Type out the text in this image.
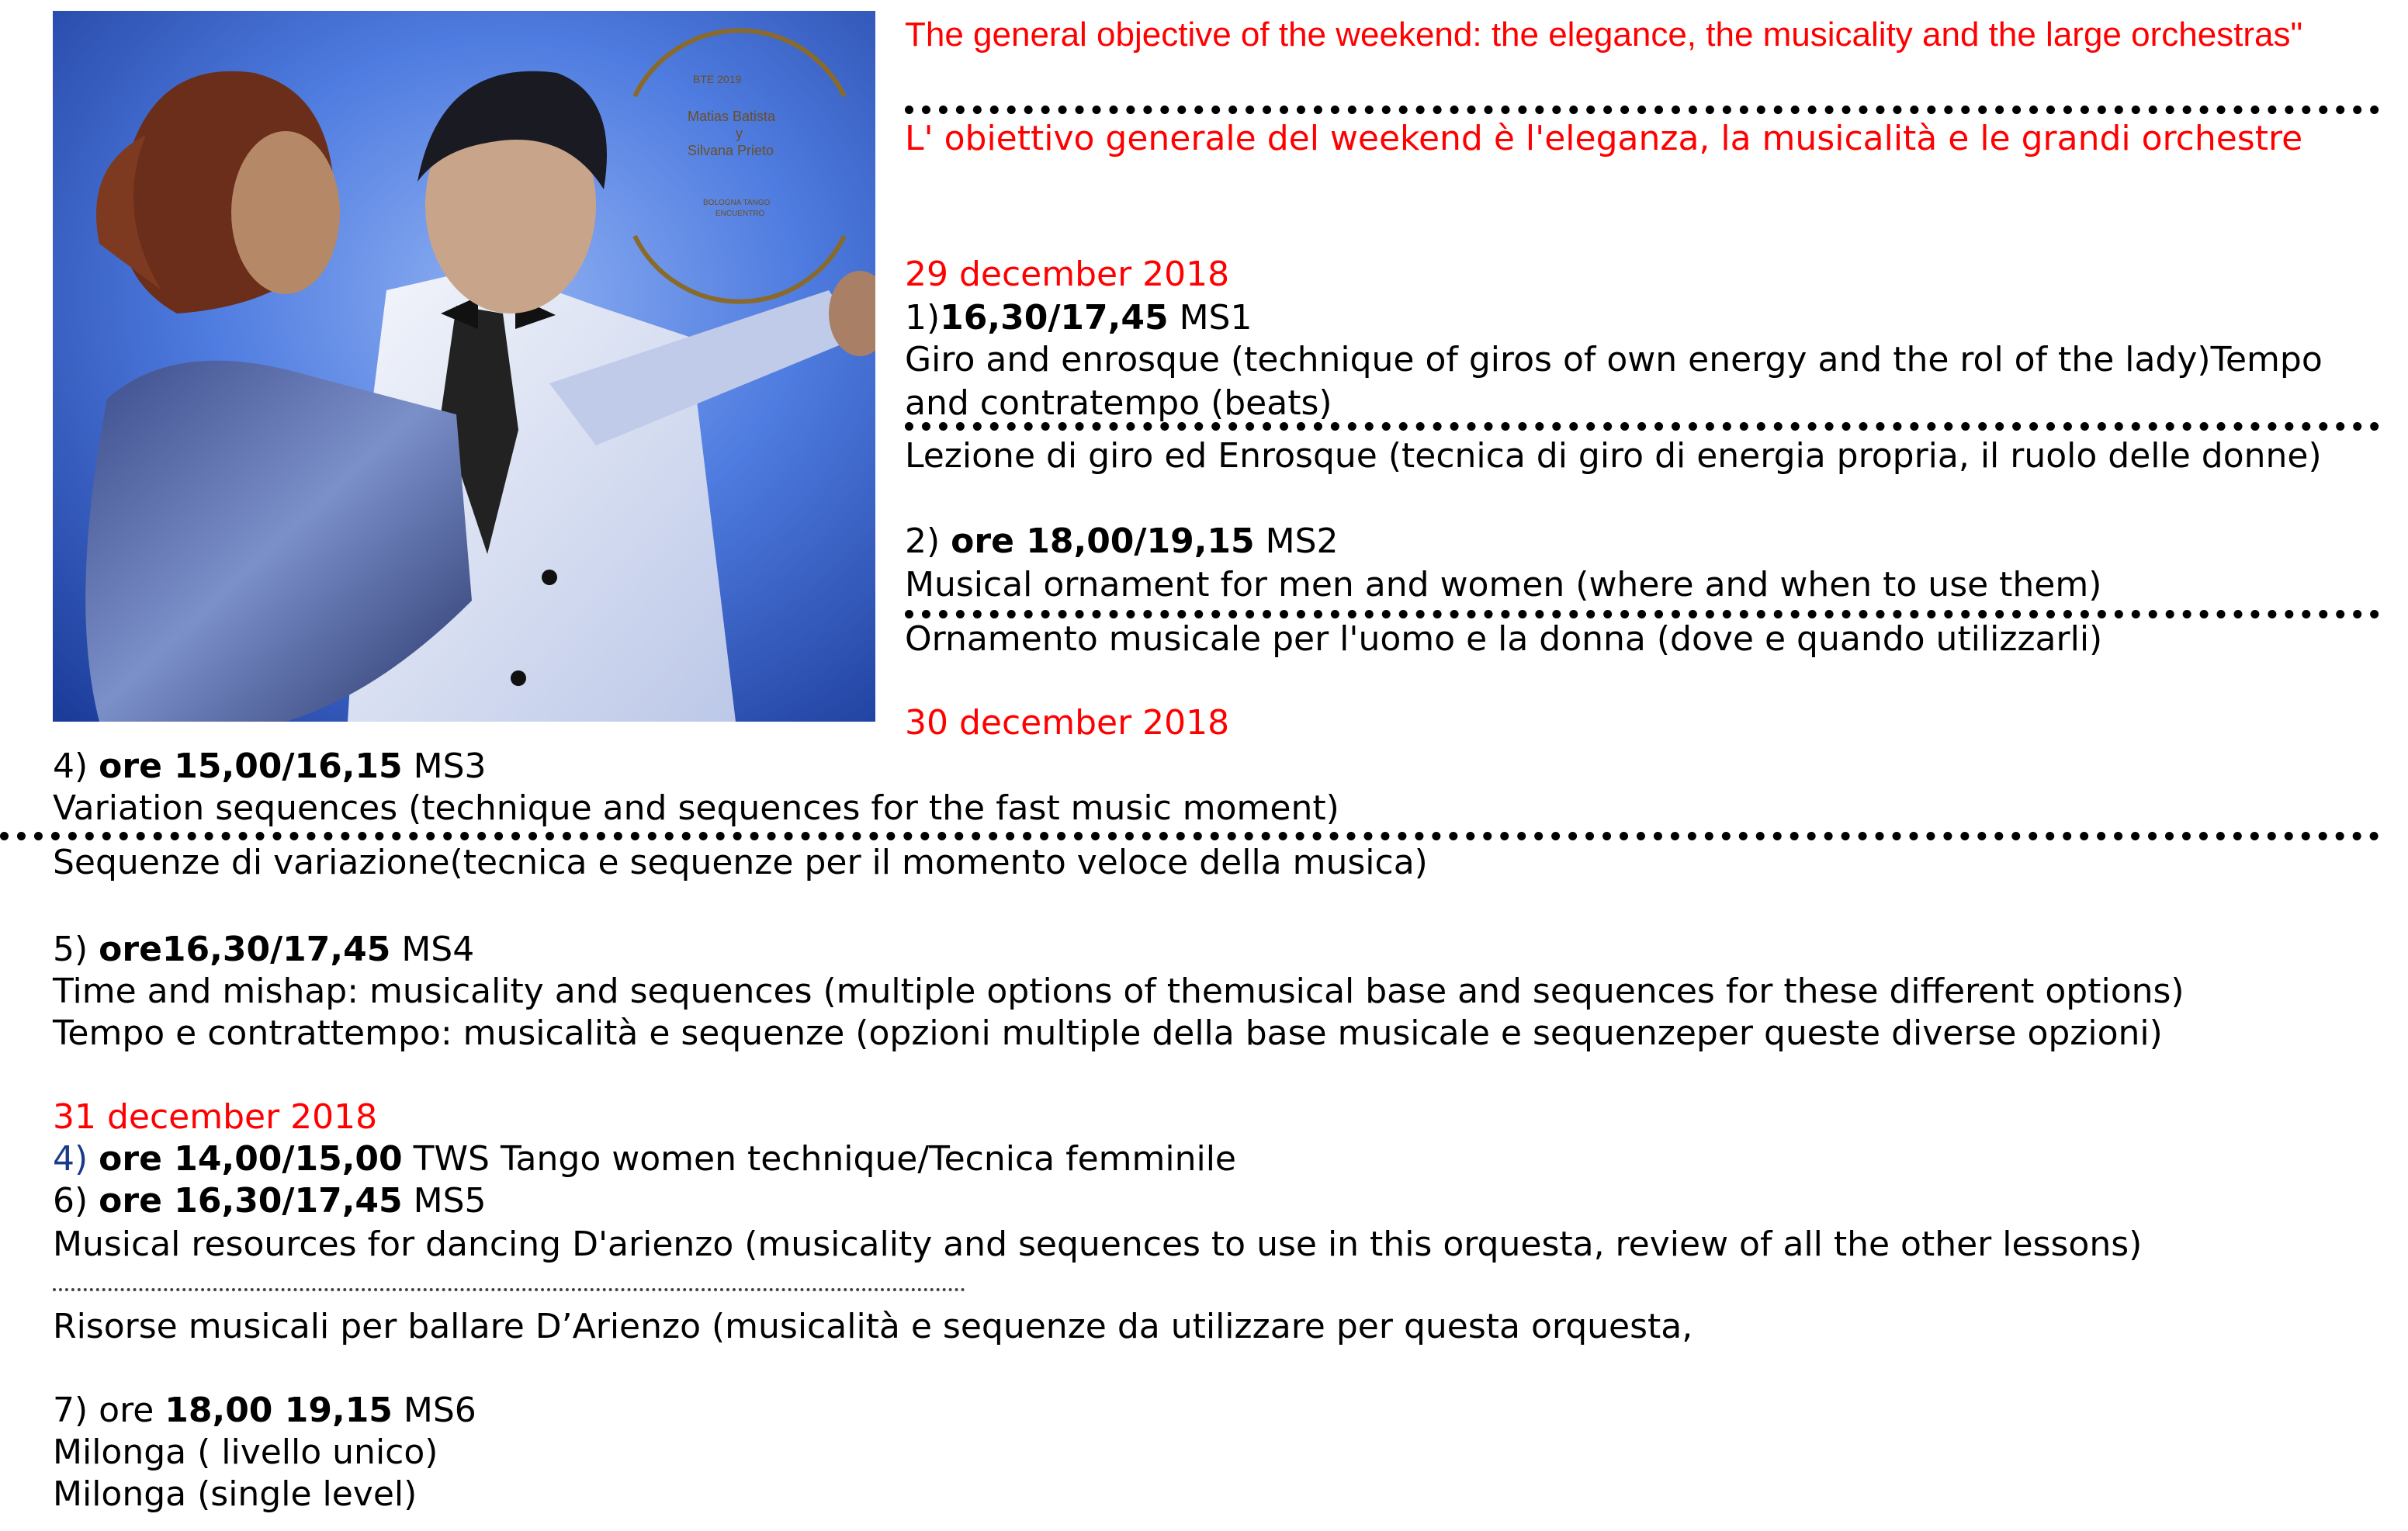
BTE 2019
Matias Batista
y
Silvana Prieto
BOLOGNA TANGO
ENCUENTRO
The general objective of the weekend: the elegance, the musicality and the large orchestras"
L' obiettivo generale del weekend è l'eleganza, la musicalità e le grandi orchestre
29 december 2018
1)16,30/17,45 MS1
Giro and enrosque (technique of giros of own energy and the rol of the lady)Tempo and contratempo (beats)
Lezione di giro ed Enrosque (tecnica di giro di energia propria, il ruolo delle donne)
2) ore 18,00/19,15 MS2
Musical ornament for men and women (where and when to use them)
Ornamento musicale per l'uomo e la donna (dove e quando utilizzarli)
30 december 2018
4) ore 15,00/16,15 MS3
Variation sequences (technique and sequences for the fast music moment)
Sequenze di variazione(tecnica e sequenze per il momento veloce della musica)
5) ore16,30/17,45 MS4
Time and mishap: musicality and sequences (multiple options of themusical base and sequences for these different options)
Tempo e contrattempo: musicalità e sequenze (opzioni multiple della base musicale e sequenzeper queste diverse opzioni)
31 december 2018
4) ore 14,00/15,00 TWS Tango women technique/Tecnica femminile
6) ore 16,30/17,45 MS5
Musical resources for dancing D'arienzo (musicality and sequences to use in this orquesta, review of all the other lessons)
Risorse musicali per ballare D’Arienzo (musicalità e sequenze da utilizzare per questa orquesta,
7) ore 18,00 19,15 MS6
Milonga ( livello unico)
Milonga (single level)
